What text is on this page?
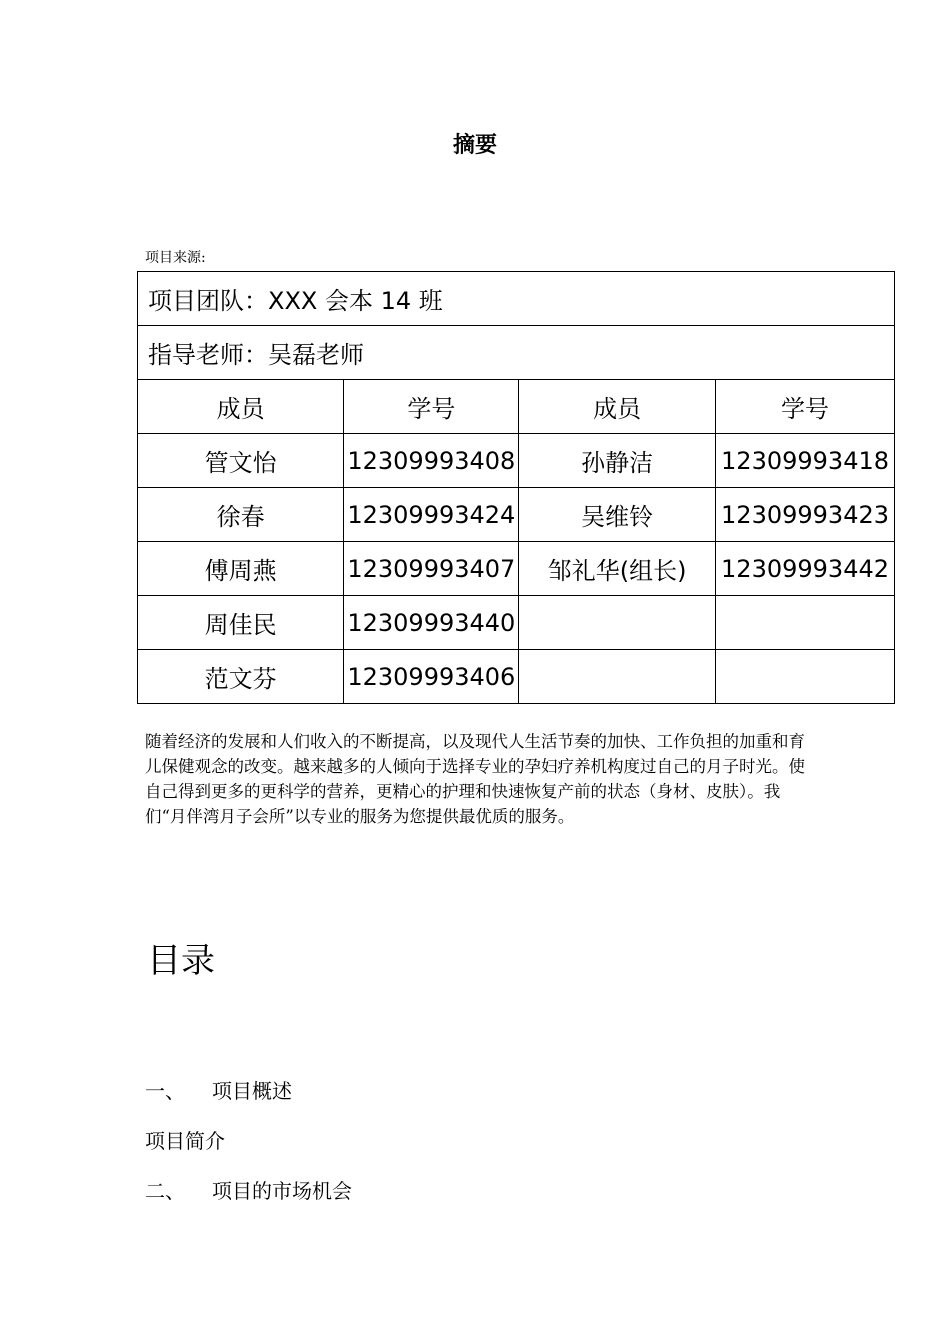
摘要
项目来源:
项目团队：XXX 会本 14 班			
指导老师：吴磊老师			
成员	学号	成员	学号
管文怡	12309993408	孙静洁	12309993418
徐春	12309993424	吴维铃	12309993423
傅周燕	12309993407	邹礼华(组长)	12309993442
周佳民	12309993440		
范文芬	12309993406		
随着经济的发展和人们收入的不断提高，以及现代人生活节奏的加快、工作负担的加重和育儿保健观念的改变。越来越多的人倾向于选择专业的孕妇疗养机构度过自己的月子时光。使自己得到更多的更科学的营养，更精心的护理和快速恢复产前的状态（身材、皮肤）。我们“月伴湾月子会所”以专业的服务为您提供最优质的服务。
目录
一、 项目概述
项目简介
二、 项目的市场机会
